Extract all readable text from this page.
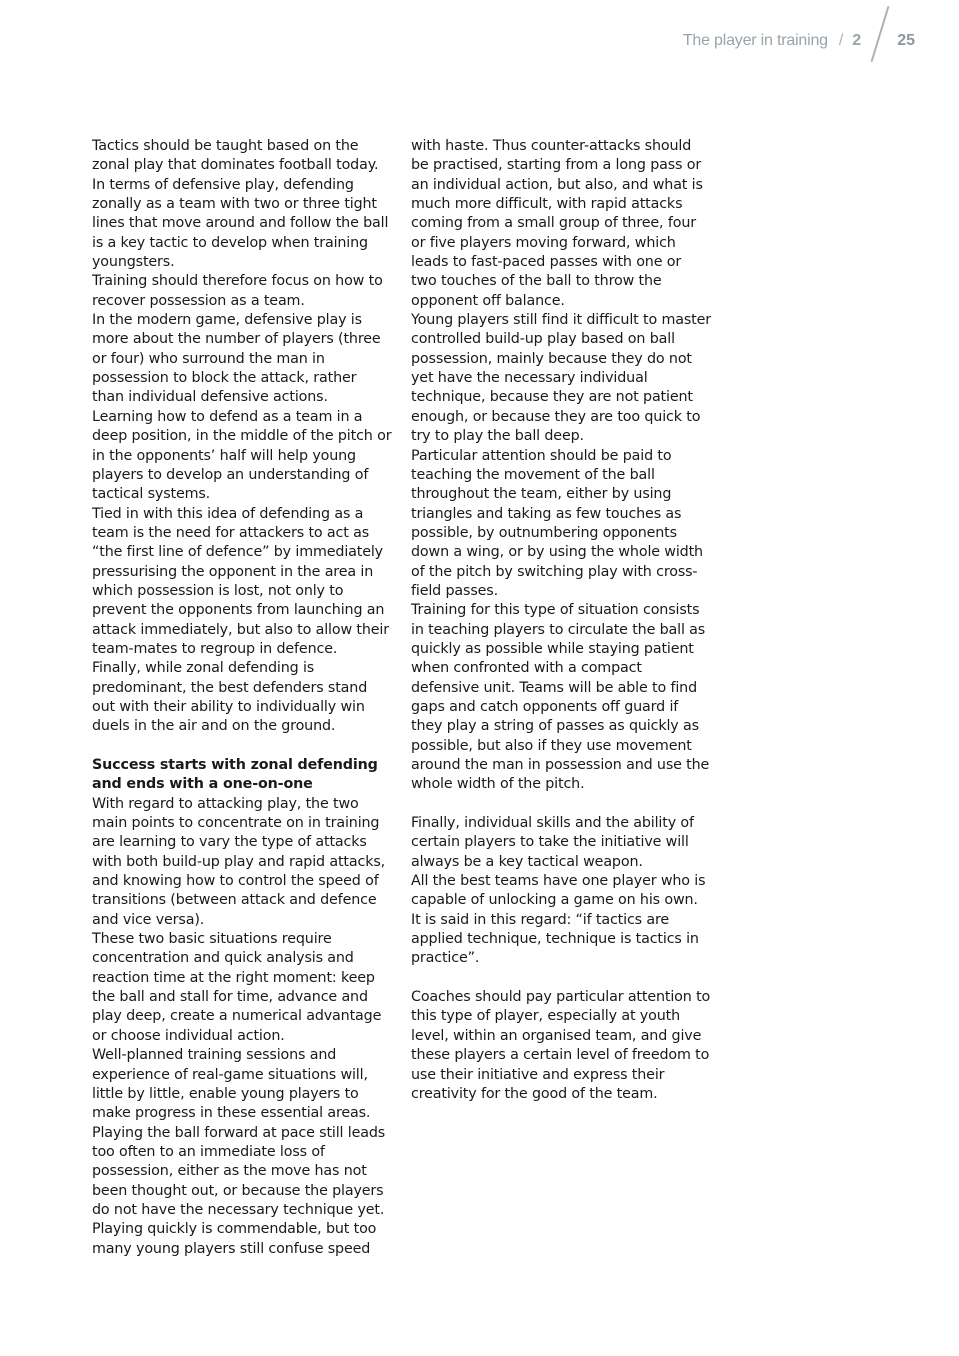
The player in training / 2 25

Tactics should be taught based on the zonal play that dominates football today.

In terms of defensive play, defending zonally as a team with two or three tight lines that move around and follow the ball is a key tactic to develop when training youngsters.

Training should therefore focus on how to recover possession as a team.

In the modern game, defensive play is more about the number of players (three or four) who surround the man in possession to block the attack, rather than individual defensive actions.

Learning how to defend as a team in a deep position, in the middle of the pitch or in the opponents’ half will help young players to develop an understanding of tactical systems.

Tied in with this idea of defending as a team is the need for attackers to act as “the first line of defence” by immediately pressurising the opponent in the area in which possession is lost, not only to prevent the opponents from launching an attack immediately, but also to allow their team-mates to regroup in defence.

Finally, while zonal defending is predominant, the best defenders stand out with their ability to individually win duels in the air and on the ground.

Success starts with zonal defending and ends with a one-on-one

With regard to attacking play, the two main points to concentrate on in training are learning to vary the type of attacks with both build-up play and rapid attacks, and knowing how to control the speed of transitions (between attack and defence and vice versa).

These two basic situations require concentration and quick analysis and reaction time at the right moment: keep the ball and stall for time, advance and play deep, create a numerical advantage or choose individual action.

Well-planned training sessions and experience of real-game situations will, little by little, enable young players to make progress in these essential areas.

Playing the ball forward at pace still leads too often to an immediate loss of possession, either as the move has not been thought out, or because the players do not have the necessary technique yet.

Playing quickly is commendable, but too many young players still confuse speed

with haste. Thus counter-attacks should be practised, starting from a long pass or an individual action, but also, and what is much more difficult, with rapid attacks coming from a small group of three, four or five players moving forward, which leads to fast-paced passes with one or two touches of the ball to throw the opponent off balance.

Young players still find it difficult to master controlled build-up play based on ball possession, mainly because they do not yet have the necessary individual technique, because they are not patient enough, or because they are too quick to try to play the ball deep.

Particular attention should be paid to teaching the movement of the ball throughout the team, either by using triangles and taking as few touches as possible, by outnumbering opponents down a wing, or by using the whole width of the pitch by switching play with cross-field passes.

Training for this type of situation consists in teaching players to circulate the ball as quickly as possible while staying patient when confronted with a compact defensive unit. Teams will be able to find gaps and catch opponents off guard if they play a string of passes as quickly as possible, but also if they use movement around the man in possession and use the whole width of the pitch.

Finally, individual skills and the ability of certain players to take the initiative will always be a key tactical weapon.

All the best teams have one player who is capable of unlocking a game on his own. It is said in this regard: “if tactics are applied technique, technique is tactics in practice”.

Coaches should pay particular attention to this type of player, especially at youth level, within an organised team, and give these players a certain level of freedom to use their initiative and express their creativity for the good of the team.
